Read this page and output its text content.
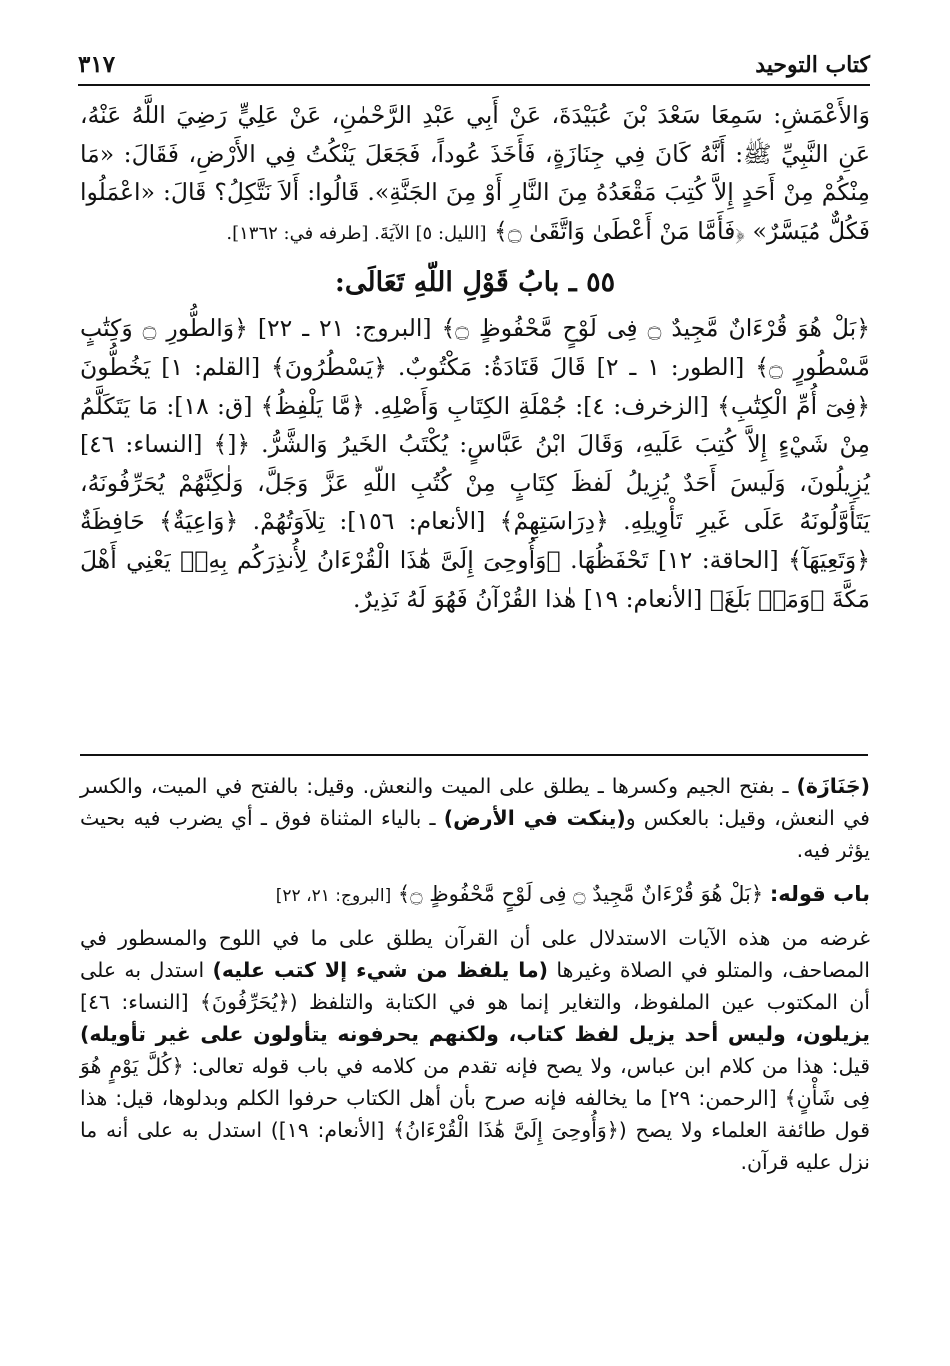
٣١٧	كتاب التوحيد

وَالأَعْمَشِ: سَمِعَا سَعْدَ بْنَ عُبَيْدَةَ، عَنْ أَبِي عَبْدِ الرَّحْمٰنِ، عَنْ عَلِيٍّ رَضِيَ اللَّهُ عَنْهُ، عَنِ النَّبِيِّ ﷺ: أَنَّهُ كَانَ فِي جِنَازَةٍ، فَأَخَذَ عُوداً، فَجَعَلَ يَنْكُتُ فِي الأَرْضِ، فَقَالَ: «مَا مِنْكُمْ مِنْ أَحَدٍ إِلاَّ كُتِبَ مَقْعَدُهُ مِنَ النَّارِ أَوْ مِنَ الجَنَّةِ». قَالُوا: أَلاَ نَتَّكِلُ؟ قَالَ: «اعْمَلُوا فَكُلٌّ مُيَسَّرٌ» ﴿فَأَمَّا مَنْ أَعْطَىٰ وَاتَّقَىٰ ۝﴾ [الليل: ٥] الآيَةَ. [طرفه في: ١٣٦٢].

٥٥ ـ بابُ قَوْلِ اللّهِ تَعَالَى:

﴿بَلْ هُوَ قُرْءَانٌ مَّجِيدٌ ۝ فِى لَوْحٍ مَّحْفُوظٍ ۝﴾ [البروج: ٢١ ـ ٢٢] ﴿وَالطُّورِ ۝ وَكِتَٰبٍ مَّسْطُورٍ ۝﴾ [الطور: ١ ـ ٢] قَالَ قَتَادَةُ: مَكْتُوبٌ. ﴿يَسْطُرُونَ﴾ [القلم: ١] يَخُطُّونَ ﴿فِىٓ أُمِّ الْكِتَٰبِ﴾ [الزخرف: ٤]: جُمْلَةِ الكِتَابِ وَأَصْلِهِ. ﴿مَّا يَلْفِظُ﴾ [ق: ١٨]: مَا يَتَكَلَّمُ مِنْ شَيْءٍ إِلاَّ كُتِبَ عَلَيهِ، وَقَالَ ابْنُ عَبَّاسٍ: يُكْتَبُ الخَيرُ وَالشَّرُّ. ﴿[﴾ [النساء: ٤٦] يُزِيلُونَ، وَلَيسَ أَحَدٌ يُزِيلُ لَفظَ كِتَابٍ مِنْ كُتُبِ اللّهِ عَزَّ وَجَلَّ، وَلٰكِنَّهُمْ يُحَرِّفُونَهُ، يَتَأَوَّلُونَهُ عَلَى غَيرِ تَأْوِيلِهِ. ﴿دِرَاسَتِهِمْ﴾ [الأنعام: ١٥٦]: تِلاَوَتُهُمْ. ﴿وَاعِيَةٌ﴾ حَافِظَةٌ ﴿وَتَعِيَهَآ﴾ [الحاقة: ١٢] تَحْفَظُهَا. ﴿وَأُوحِىَ إِلَىَّ هَٰذَا الْقُرْءَانُ لِأُنذِرَكُم بِهِۦ﴾ يَعْنِي أَهْلَ مَكَّةَ ﴿وَمَنۢ بَلَغَ﴾ [الأنعام: ١٩] هٰذا القُرْآنُ فَهُوَ لَهُ نَذِيرٌ.

(جَنَازَة) ـ بفتح الجيم وكسرها ـ يطلق على الميت والنعش. وقيل: بالفتح في الميت، والكسر في النعش، وقيل: بالعكس و(ينكت في الأرض) ـ بالياء المثناة فوق ـ أي يضرب فيه بحيث يؤثر فيه.

باب قوله: ﴿بَلْ هُوَ قُرْءَانٌ مَّجِيدٌ ۝ فِى لَوْحٍ مَّحْفُوظٍ ۝﴾ [البروج: ٢١، ٢٢]

غرضه من هذه الآيات الاستدلال على أن القرآن يطلق على ما في اللوح والمسطور في المصاحف، والمتلو في الصلاة وغيرها (ما يلفظ من شيء إلا كتب عليه) استدل به على أن المكتوب عين الملفوظ، والتغاير إنما هو في الكتابة والتلفظ (﴿يُحَرِّفُونَ﴾ [النساء: ٤٦] يزيلون، وليس أحد يزيل لفظ كتاب، ولكنهم يحرفونه يتأولون على غير تأويله) قيل: هذا من كلام ابن عباس، ولا يصح فإنه تقدم من كلامه في باب قوله تعالى: ﴿كُلَّ يَوْمٍ هُوَ فِى شَأْنٍ﴾ [الرحمن: ٢٩] ما يخالفه فإنه صرح بأن أهل الكتاب حرفوا الكلم وبدلوها، قيل: هذا قول طائفة العلماء ولا يصح (﴿وَأُوحِىَ إِلَىَّ هَٰذَا الْقُرْءَانُ﴾ [الأنعام: ١٩]) استدل به على أنه ما نزل عليه قرآن.
